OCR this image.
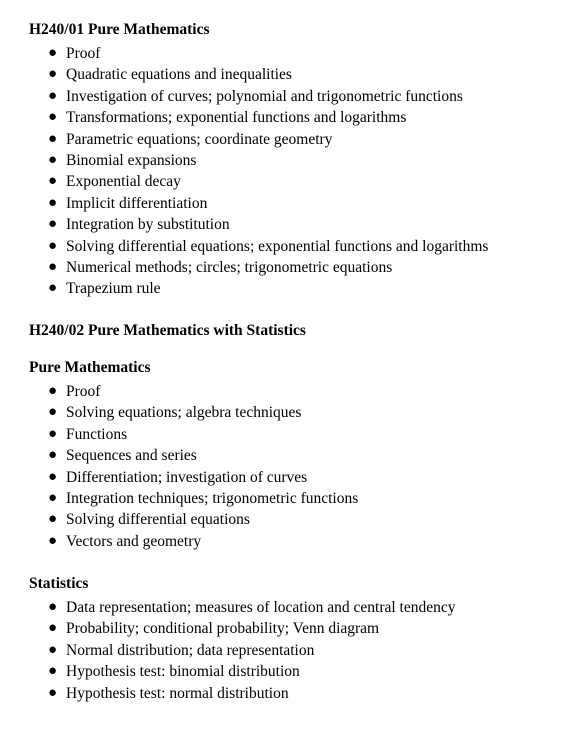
H240/01 Pure Mathematics
● Proof
● Quadratic equations and inequalities
● Investigation of curves; polynomial and trigonometric functions
● Transformations; exponential functions and logarithms
● Parametric equations; coordinate geometry
● Binomial expansions
● Exponential decay
● Implicit differentiation
● Integration by substitution
● Solving differential equations; exponential functions and logarithms
● Numerical methods; circles; trigonometric equations
● Trapezium rule
H240/02 Pure Mathematics with Statistics
Pure Mathematics
● Proof
● Solving equations; algebra techniques
● Functions
● Sequences and series
● Differentiation; investigation of curves
● Integration techniques; trigonometric functions
● Solving differential equations
● Vectors and geometry
Statistics
● Data representation; measures of location and central tendency
● Probability; conditional probability; Venn diagram
● Normal distribution; data representation
● Hypothesis test: binomial distribution
● Hypothesis test: normal distribution
